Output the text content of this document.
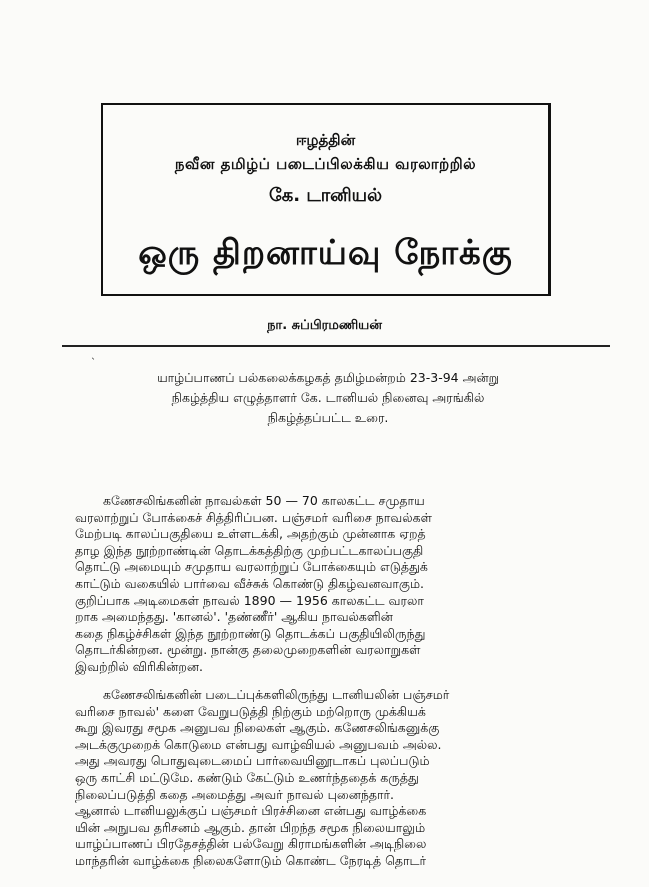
ஈழத்தின்
நவீன தமிழ்ப் படைப்பிலக்கிய வரலாற்றில்
கே. டானியல்
ஒரு திறனாய்வு நோக்கு
நா. சுப்பிரமணியன்
ˎ
யாழ்ப்பாணப் பல்கலைக்கழகத் தமிழ்மன்றம் 23-3-94 அன்று
நிகழ்த்திய எழுத்தாளர் கே. டானியல் நினைவு அரங்கில்
நிகழ்த்தப்பட்ட உரை.
கணேசலிங்கனின் நாவல்கள் 50 — 70 காலகட்ட சமுதாய
வரலாற்றுப் போக்கைச் சித்திரிப்பன. பஞ்சமர் வரிசை நாவல்கள்
மேற்படி காலப்பகுதியை உள்ளடக்கி, அதற்கும் முன்னாக ஏறத்
தாழ இந்த நூற்றாண்டின் தொடக்கத்திற்கு முற்பட்டகாலப்பகுதி
தொட்டு அமையும் சமுதாய வரலாற்றுப் போக்கையும் எடுத்துக்
காட்டும் வகையில் பார்வை வீச்சுக் கொண்டு திகழ்வனவாகும்.
குறிப்பாக அடிமைகள் நாவல் 1890 — 1956 காலகட்ட வரலா
றாக அமைந்தது. 'கானல்'. 'தண்ணீர்' ஆகிய நாவல்களின்
கதை நிகழ்ச்சிகள் இந்த நூற்றாண்டு தொடக்கப் பகுதியிலிருந்து
தொடர்கின்றன. மூன்று. நான்கு தலைமுறைகளின் வரலாறுகள்
இவற்றில் விரிகின்றன.
கணேசலிங்கனின் படைப்புக்களிலிருந்து டானியலின் பஞ்சமர்
வரிசை நாவல்' களை வேறுபடுத்தி நிற்கும் மற்றொரு முக்கியக்
கூறு இவரது சமூக அனுபவ நிலைகள் ஆகும். கணேசலிங்கனுக்கு
அடக்குமுறைக் கொடுமை என்பது வாழ்வியல் அனுபவம் அல்ல.
அது அவரது பொதுவுடைமைப் பார்வையினூடாகப் புலப்படும்
ஒரு காட்சி மட்டுமே. கண்டும் கேட்டும் உணர்ந்ததைக் கருத்து
நிலைப்படுத்தி கதை அமைத்து அவர் நாவல் புனைந்தார்.
ஆனால் டானியலுக்குப் பஞ்சமர் பிரச்சினை என்பது வாழ்க்கை
யின் அநுபவ தரிசனம் ஆகும். தான் பிறந்த சமூக நிலையாலும்
யாழ்ப்பாணப் பிரதேசத்தின் பல்வேறு கிராமங்களின் அடிநிலை
மாந்தரின் வாழ்க்கை நிலைகளோடும் கொண்ட நேரடித் தொடர்
